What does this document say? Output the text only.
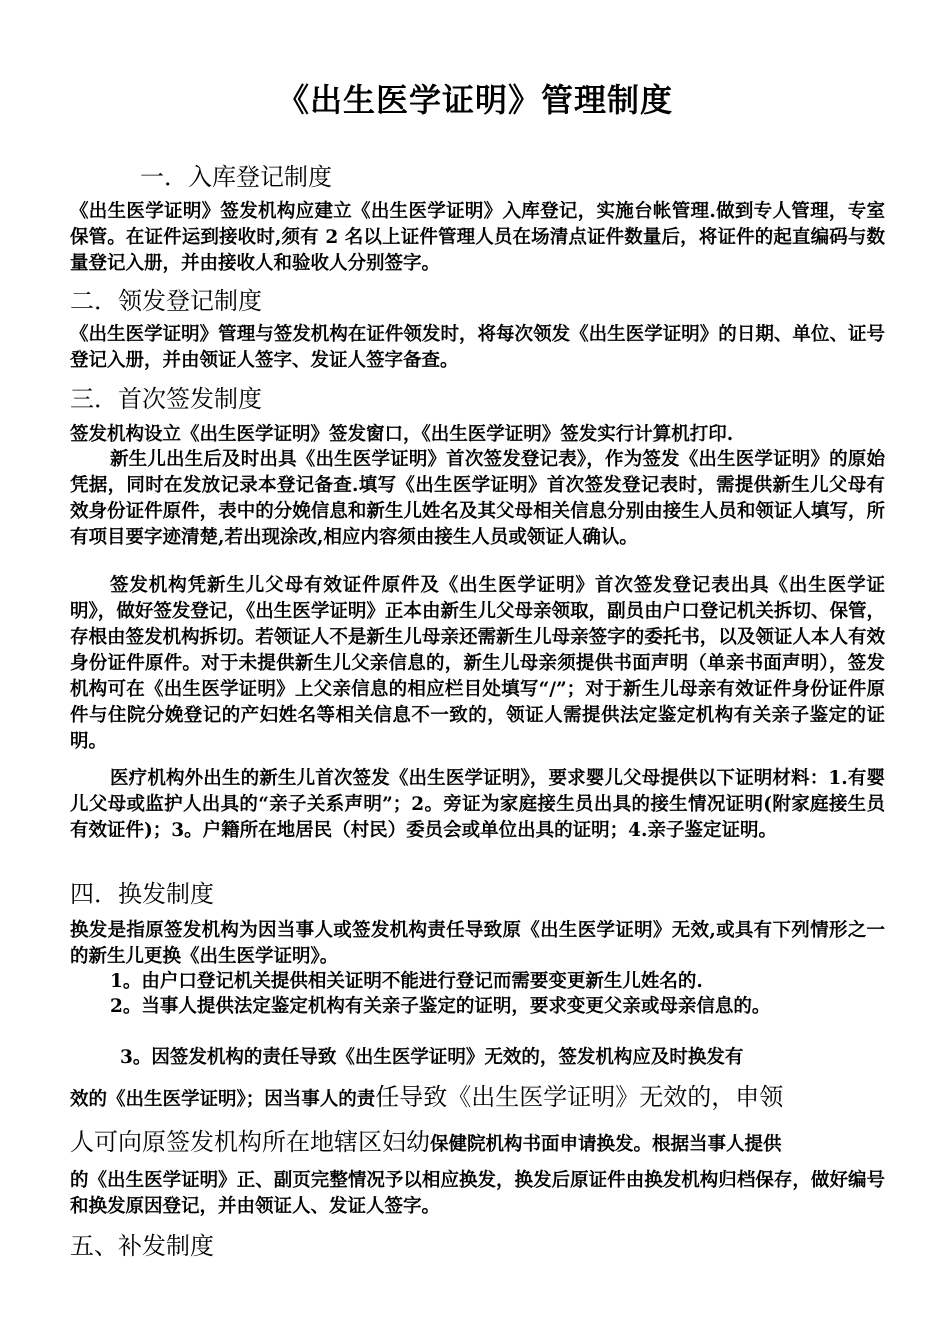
《出生医学证明》管理制度
一．入库登记制度
《出生医学证明》签发机构应建立《出生医学证明》入库登记，实施台帐管理.做到专人管理，专室保管。在证件运到接收时,须有 2 名以上证件管理人员在场清点证件数量后，将证件的起直编码与数量登记入册，并由接收人和验收人分别签字。
二．领发登记制度
《出生医学证明》管理与签发机构在证件领发时，将每次领发《出生医学证明》的日期、单位、证号登记入册，并由领证人签字、发证人签字备查。
三．首次签发制度
签发机构设立《出生医学证明》签发窗口，《出生医学证明》签发实行计算机打印.
新生儿出生后及时出具《出生医学证明》首次签发登记表》，作为签发《出生医学证明》的原始凭据，同时在发放记录本登记备查.填写《出生医学证明》首次签发登记表时，需提供新生儿父母有效身份证件原件，表中的分娩信息和新生儿姓名及其父母相关信息分别由接生人员和领证人填写，所有项目要字迹清楚,若出现涂改,相应内容须由接生人员或领证人确认。
签发机构凭新生儿父母有效证件原件及《出生医学证明》首次签发登记表出具《出生医学证明》，做好签发登记，《出生医学证明》正本由新生儿父母亲领取，副员由户口登记机关拆切、保管，存根由签发机构拆切。若领证人不是新生儿母亲还需新生儿母亲签字的委托书，以及领证人本人有效身份证件原件。对于未提供新生儿父亲信息的，新生儿母亲须提供书面声明（单亲书面声明），签发机构可在《出生医学证明》上父亲信息的相应栏目处填写“/”；对于新生儿母亲有效证件身份证件原件与住院分娩登记的产妇姓名等相关信息不一致的，领证人需提供法定鉴定机构有关亲子鉴定的证明。
医疗机构外出生的新生儿首次签发《出生医学证明》，要求婴儿父母提供以下证明材料：1.有婴儿父母或监护人出具的“亲子关系声明”；2。旁证为家庭接生员出具的接生情况证明(附家庭接生员有效证件)；3。户籍所在地居民（村民）委员会或单位出具的证明；4.亲子鉴定证明。
四．换发制度
换发是指原签发机构为因当事人或签发机构责任导致原《出生医学证明》无效,或具有下列情形之一的新生儿更换《出生医学证明》。
1。由户口登记机关提供相关证明不能进行登记而需要变更新生儿姓名的.
2。当事人提供法定鉴定机构有关亲子鉴定的证明，要求变更父亲或母亲信息的。
3。因签发机构的责任导致《出生医学证明》无效的，签发机构应及时换发有
效的《出生医学证明》；因当事人的责任导致《出生医学证明》无效的，申领
人可向原签发机构所在地辖区妇幼保健院机构书面申请换发。根据当事人提供
的《出生医学证明》正、副页完整情况予以相应换发，换发后原证件由换发机构归档保存，做好编号和换发原因登记，并由领证人、发证人签字。
五、补发制度
